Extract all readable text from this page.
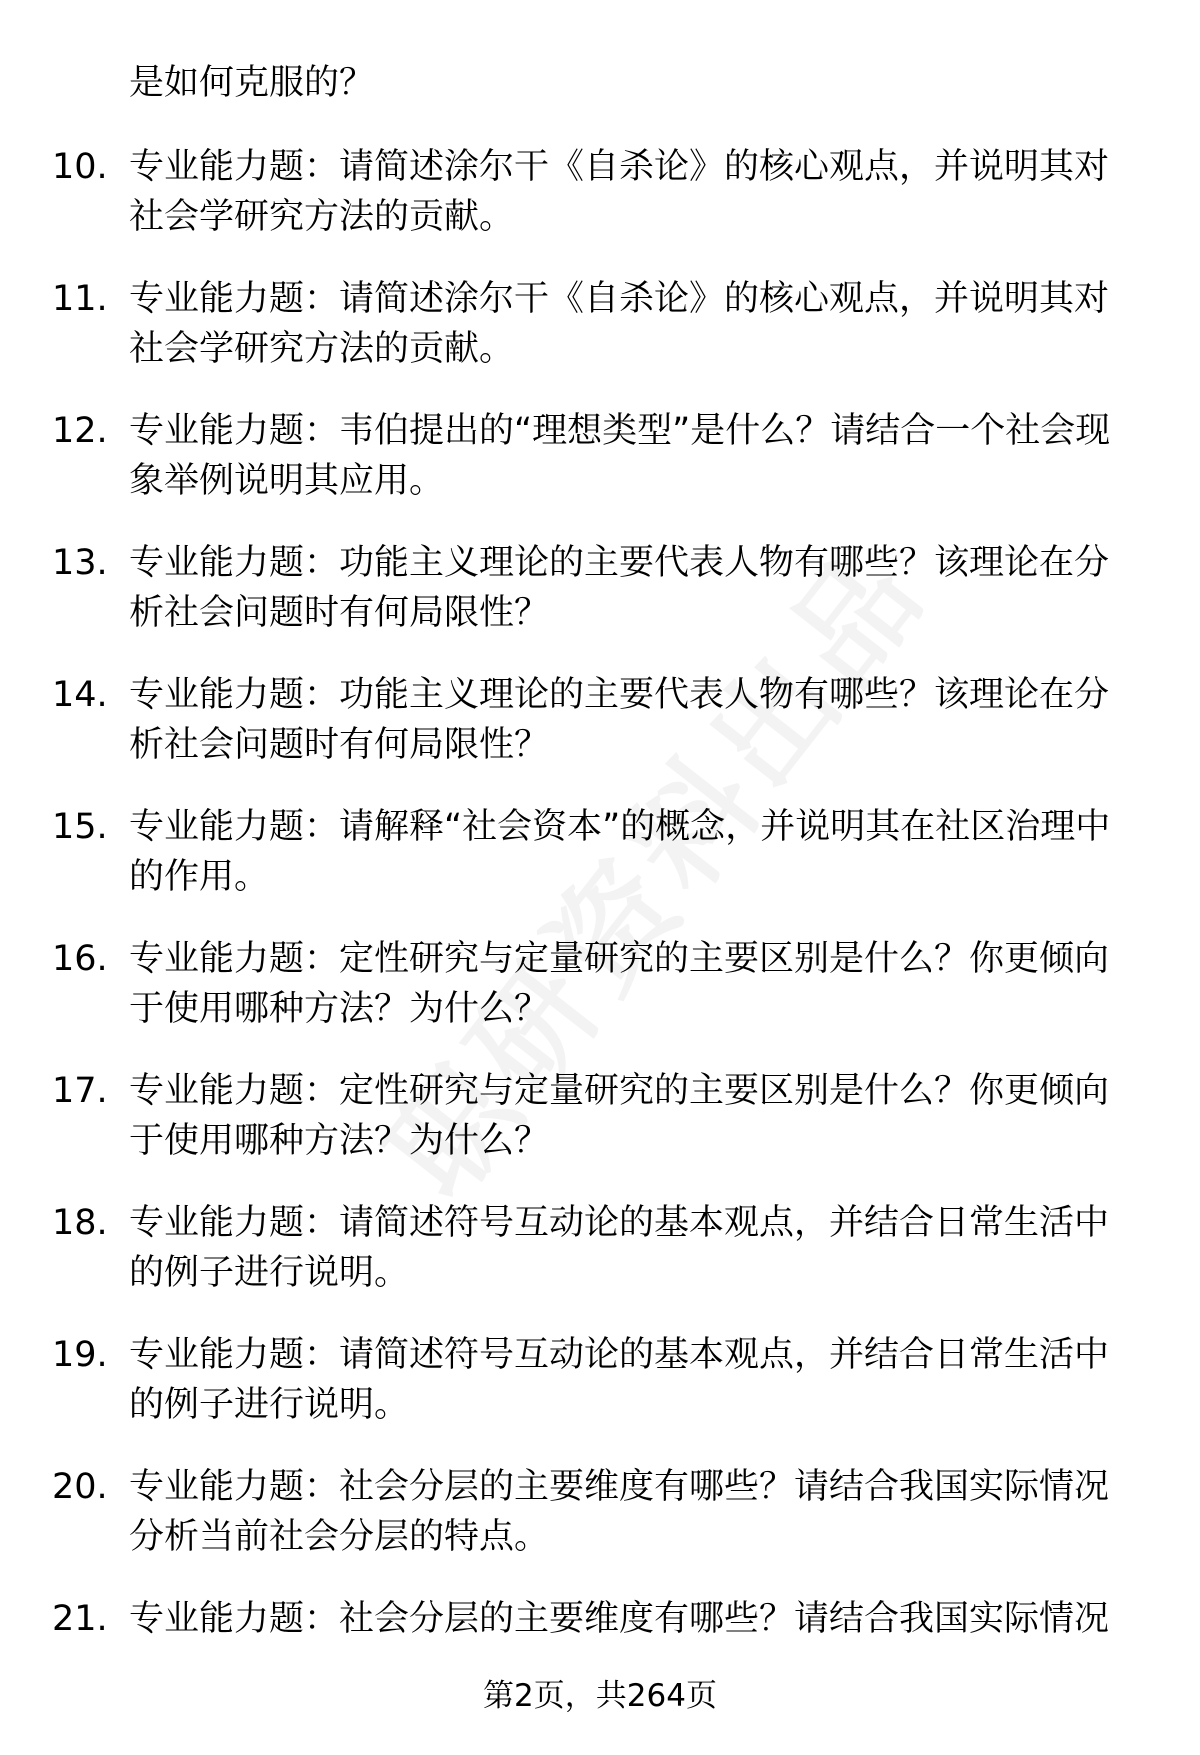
是如何克服的？
10. 专业能力题：请简述涂尔干《自杀论》的核心观点，并说明其对社会学研究方法的贡献。
11. 专业能力题：请简述涂尔干《自杀论》的核心观点，并说明其对社会学研究方法的贡献。
12. 专业能力题：韦伯提出的“理想类型”是什么？请结合一个社会现象举例说明其应用。
13. 专业能力题：功能主义理论的主要代表人物有哪些？该理论在分析社会问题时有何局限性？
14. 专业能力题：功能主义理论的主要代表人物有哪些？该理论在分析社会问题时有何局限性？
15. 专业能力题：请解释“社会资本”的概念，并说明其在社区治理中的作用。
16. 专业能力题：定性研究与定量研究的主要区别是什么？你更倾向于使用哪种方法？为什么？
17. 专业能力题：定性研究与定量研究的主要区别是什么？你更倾向于使用哪种方法？为什么？
18. 专业能力题：请简述符号互动论的基本观点，并结合日常生活中的例子进行说明。
19. 专业能力题：请简述符号互动论的基本观点，并结合日常生活中的例子进行说明。
20. 专业能力题：社会分层的主要维度有哪些？请结合我国实际情况分析当前社会分层的特点。
21. 专业能力题：社会分层的主要维度有哪些？请结合我国实际情况
第2页，共264页
